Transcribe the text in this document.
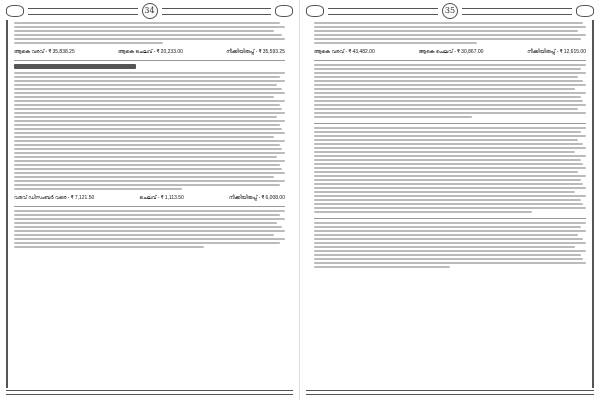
34
ആകെ വരവ് - ₹ 35,838.25	ആകെ ചെലവ് - ₹ 20,233.00	നീക്കിയിരുപ്പ് - ₹ 35,593.25
വരവ് ഡിസംബർ വരെ - ₹ 7,121.50	ചെലവ് - ₹ 1,113.50	നീക്കിയിരുപ്പ് - ₹ 6,008.00
35
ആകെ വരവ് - ₹ 43,482.00	ആകെ ചെലവ് - ₹ 30,867.00	നീക്കിയിരുപ്പ് - ₹ 12,615.00
